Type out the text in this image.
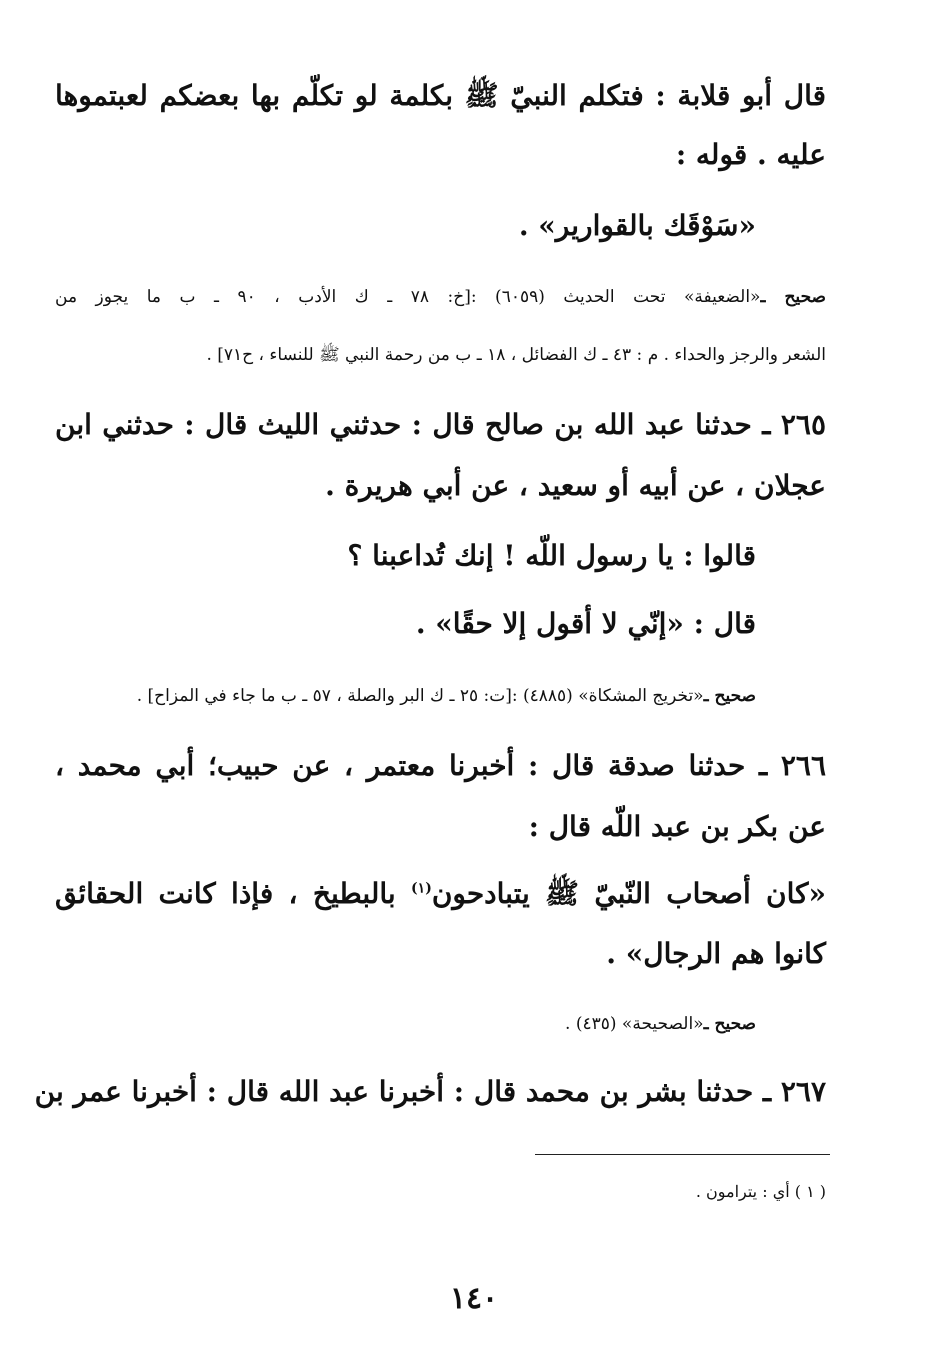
قال أبو قلابة : فتكلم النبيّ ﷺ بكلمة لو تكلّم بها بعضكم لعبتموها
عليه . قوله :
«سَوْقَك بالقوارير» .
صحيح ـ«الضعيفة» تحت الحديث (٦٠٥٩) :[خ: ٧٨ ـ ك الأدب ، ٩٠ ـ ب ما يجوز من
الشعر والرجز والحداء . م : ٤٣ ـ ك الفضائل ، ١٨ ـ ب من رحمة النبي ﷺ للنساء ، ح٧١] .
٢٦٥ ـ حدثنا عبد الله بن صالح قال : حدثني الليث قال : حدثني ابن
عجلان ، عن أبيه أو سعيد ، عن أبي هريرة .
قالوا : يا رسول اللّه ! إنك تُداعبنا ؟
قال : «إنّي لا أقول إلا حقًا» .
صحيح ـ«تخريج المشكاة» (٤٨٨٥) :[ت: ٢٥ ـ ك البر والصلة ، ٥٧ ـ ب ما جاء في المزاح] .
٢٦٦ ـ حدثنا صدقة قال : أخبرنا معتمر ، عن حبيب؛ أبي محمد ،
عن بكر بن عبد اللّه قال :
«كان أصحاب النّبيّ ﷺ يتبادحون$^{(١)}$ بالبطيخ ، فإذا كانت الحقائق
كانوا هم الرجال» .
صحيح ـ«الصحيحة» (٤٣٥) .
٢٦٧ ـ حدثنا بشر بن محمد قال : أخبرنا عبد الله قال : أخبرنا عمر بن
( ١ ) أي : يترامون .
١٤٠
